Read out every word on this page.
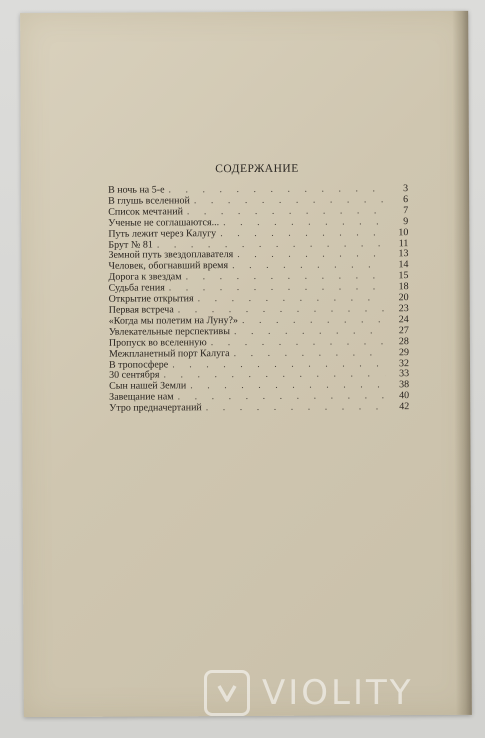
СОДЕРЖАНИЕ
В ночь на 5-е . . .	3
В глушь вселенной . . .	6
Список мечтаний . . .	7
Ученые не соглашаются... . . .	9
Путь лежит через Калугу . . .	10
Брут № 81 . . .	11
Земной путь звездоплавателя . . .	13
Человек, обогнавший время . . .	14
Дорога к звездам . . .	15
Судьба гения . . .	18
Открытие открытия . . .	20
Первая встреча . . .	23
«Когда мы полетим на Луну?» . . .	24
Увлекательные перспективы . . .	27
Пропуск во вселенную . . .	28
Межпланетный порт Калуга . . .	29
В тропосфере . . .	32
30 сентября . . .	33
Сын нашей Земли . . .	38
Завещание нам . . .	40
Утро предначертаний . . .	42
VIOLITY
